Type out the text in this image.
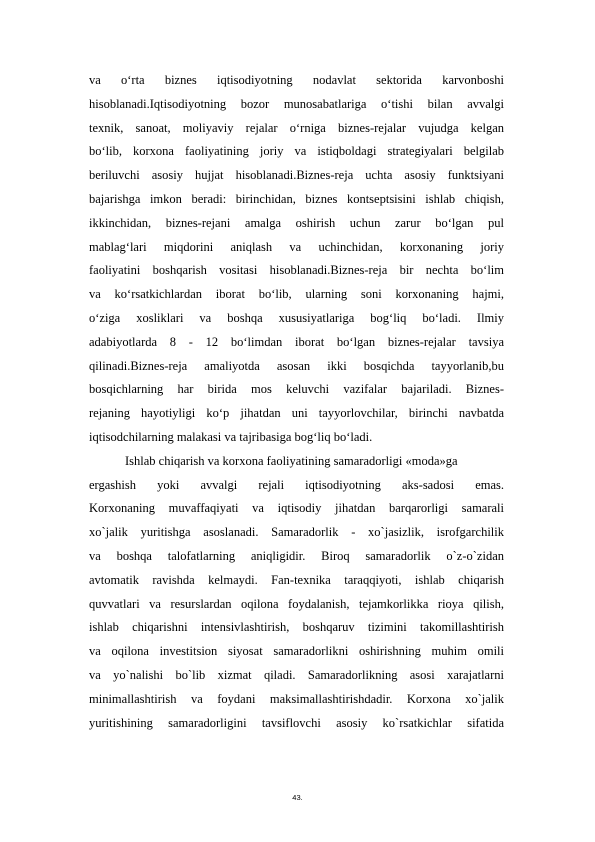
va o‘rta biznes iqtisodiyotning nodavlat sektorida karvonboshi
hisoblanadi.Iqtisodiyotning bozor munosabatlariga o‘tishi bilan avvalgi
texnik, sanoat, moliyaviy rejalar o‘rniga biznes-rejalar vujudga kelgan
bo‘lib, korxona faoliyatining joriy va istiqboldagi strategiyalari belgilab
beriluvchi asosiy hujjat hisoblanadi.Biznes-reja uchta asosiy funktsiyani
bajarishga imkon beradi: birinchidan, biznes kontseptsisini ishlab chiqish,
ikkinchidan, biznes-rejani amalga oshirish uchun zarur bo‘lgan pul
mablag‘lari miqdorini aniqlash va uchinchidan, korxonaning joriy
faoliyatini boshqarish vositasi hisoblanadi.Biznes-reja bir nechta bo‘lim
va ko‘rsatkichlardan iborat bo‘lib, ularning soni korxonaning hajmi,
o‘ziga xosliklari va boshqa xususiyatlariga bog‘liq bo‘ladi. Ilmiy
adabiyotlarda 8 - 12 bo‘limdan iborat bo‘lgan biznes-rejalar tavsiya
qilinadi.Biznes-reja amaliyotda asosan ikki bosqichda tayyorlanib,bu
bosqichlarning har birida mos keluvchi vazifalar bajariladi. Biznes-
rejaning hayotiyligi ko‘p jihatdan uni tayyorlovchilar, birinchi navbatda
iqtisodchilarning malakasi va tajribasiga bog‘liq bo‘ladi.
Ishlab chiqarish va korxona faoliyatining samaradorligi «moda»ga
ergashish yoki avvalgi rejali iqtisodiyotning aks-sadosi emas.
Korxonaning muvaffaqiyati va iqtisodiy jihatdan barqarorligi samarali
xo`jalik yuritishga asoslanadi. Samaradorlik - xo`jasizlik, isrofgarchilik
va boshqa talofatlarning aniqligidir. Biroq samaradorlik o`z-o`zidan
avtomatik ravishda kelmaydi. Fan-texnika taraqqiyoti, ishlab chiqarish
quvvatlari va resurslardan oqilona foydalanish, tejamkorlikka rioya qilish,
ishlab chiqarishni intensivlashtirish, boshqaruv tizimini takomillashtirish
va oqilona investitsion siyosat samaradorlikni oshirishning muhim omili
va yo`nalishi bo`lib xizmat qiladi. Samaradorlikning asosi xarajatlarni
minimallashtirish va foydani maksimallashtirishdadir. Korxona xo`jalik
yuritishining samaradorligini tavsiflovchi asosiy ko`rsatkichlar sifatida
43.
